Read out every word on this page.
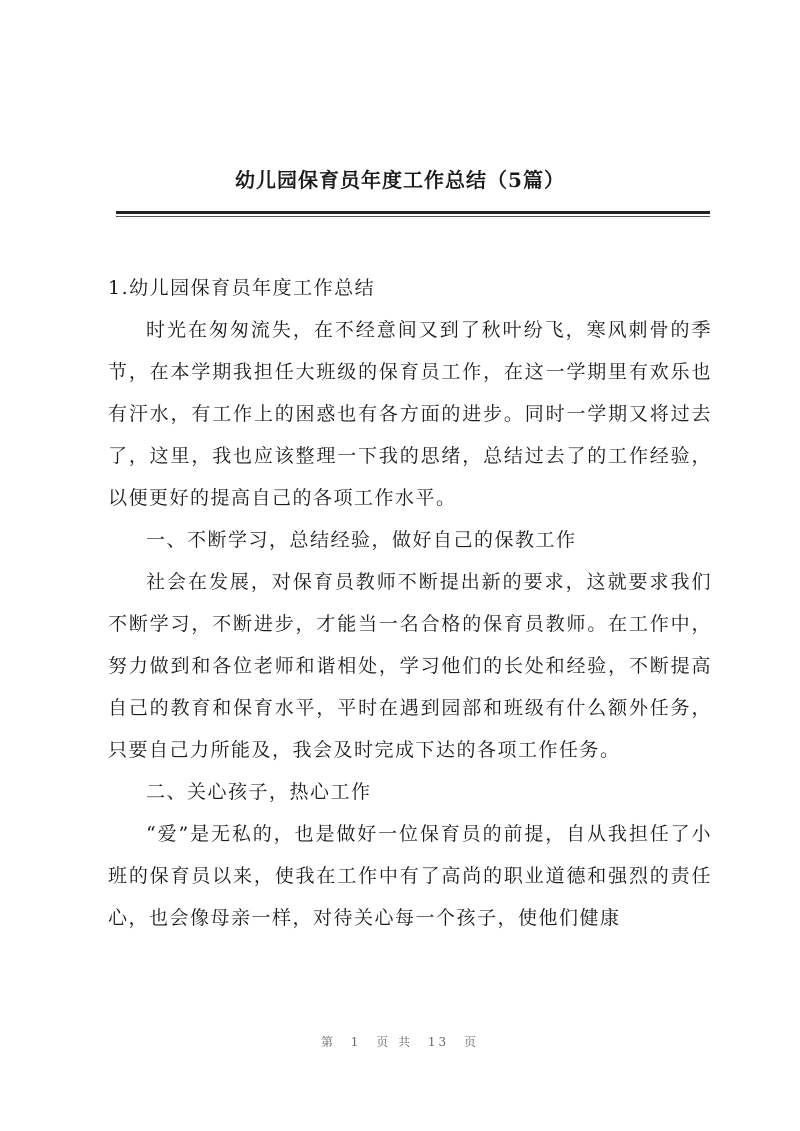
幼儿园保育员年度工作总结（5篇）

1.幼儿园保育员年度工作总结

时光在匆匆流失，在不经意间又到了秋叶纷飞，寒风刺骨的季节，在本学期我担任大班级的保育员工作，在这一学期里有欢乐也有汗水，有工作上的困惑也有各方面的进步。同时一学期又将过去了，这里，我也应该整理一下我的思绪，总结过去了的工作经验，以便更好的提高自己的各项工作水平。

一、不断学习，总结经验，做好自己的保教工作

社会在发展，对保育员教师不断提出新的要求，这就要求我们不断学习，不断进步，才能当一名合格的保育员教师。在工作中，努力做到和各位老师和谐相处，学习他们的长处和经验，不断提高自己的教育和保育水平，平时在遇到园部和班级有什么额外任务，只要自己力所能及，我会及时完成下达的各项工作任务。

二、关心孩子，热心工作

“爱”是无私的，也是做好一位保育员的前提，自从我担任了小班的保育员以来，使我在工作中有了高尚的职业道德和强烈的责任心，也会像母亲一样，对待关心每一个孩子，使他们健康

第 1 页 共 13 页
